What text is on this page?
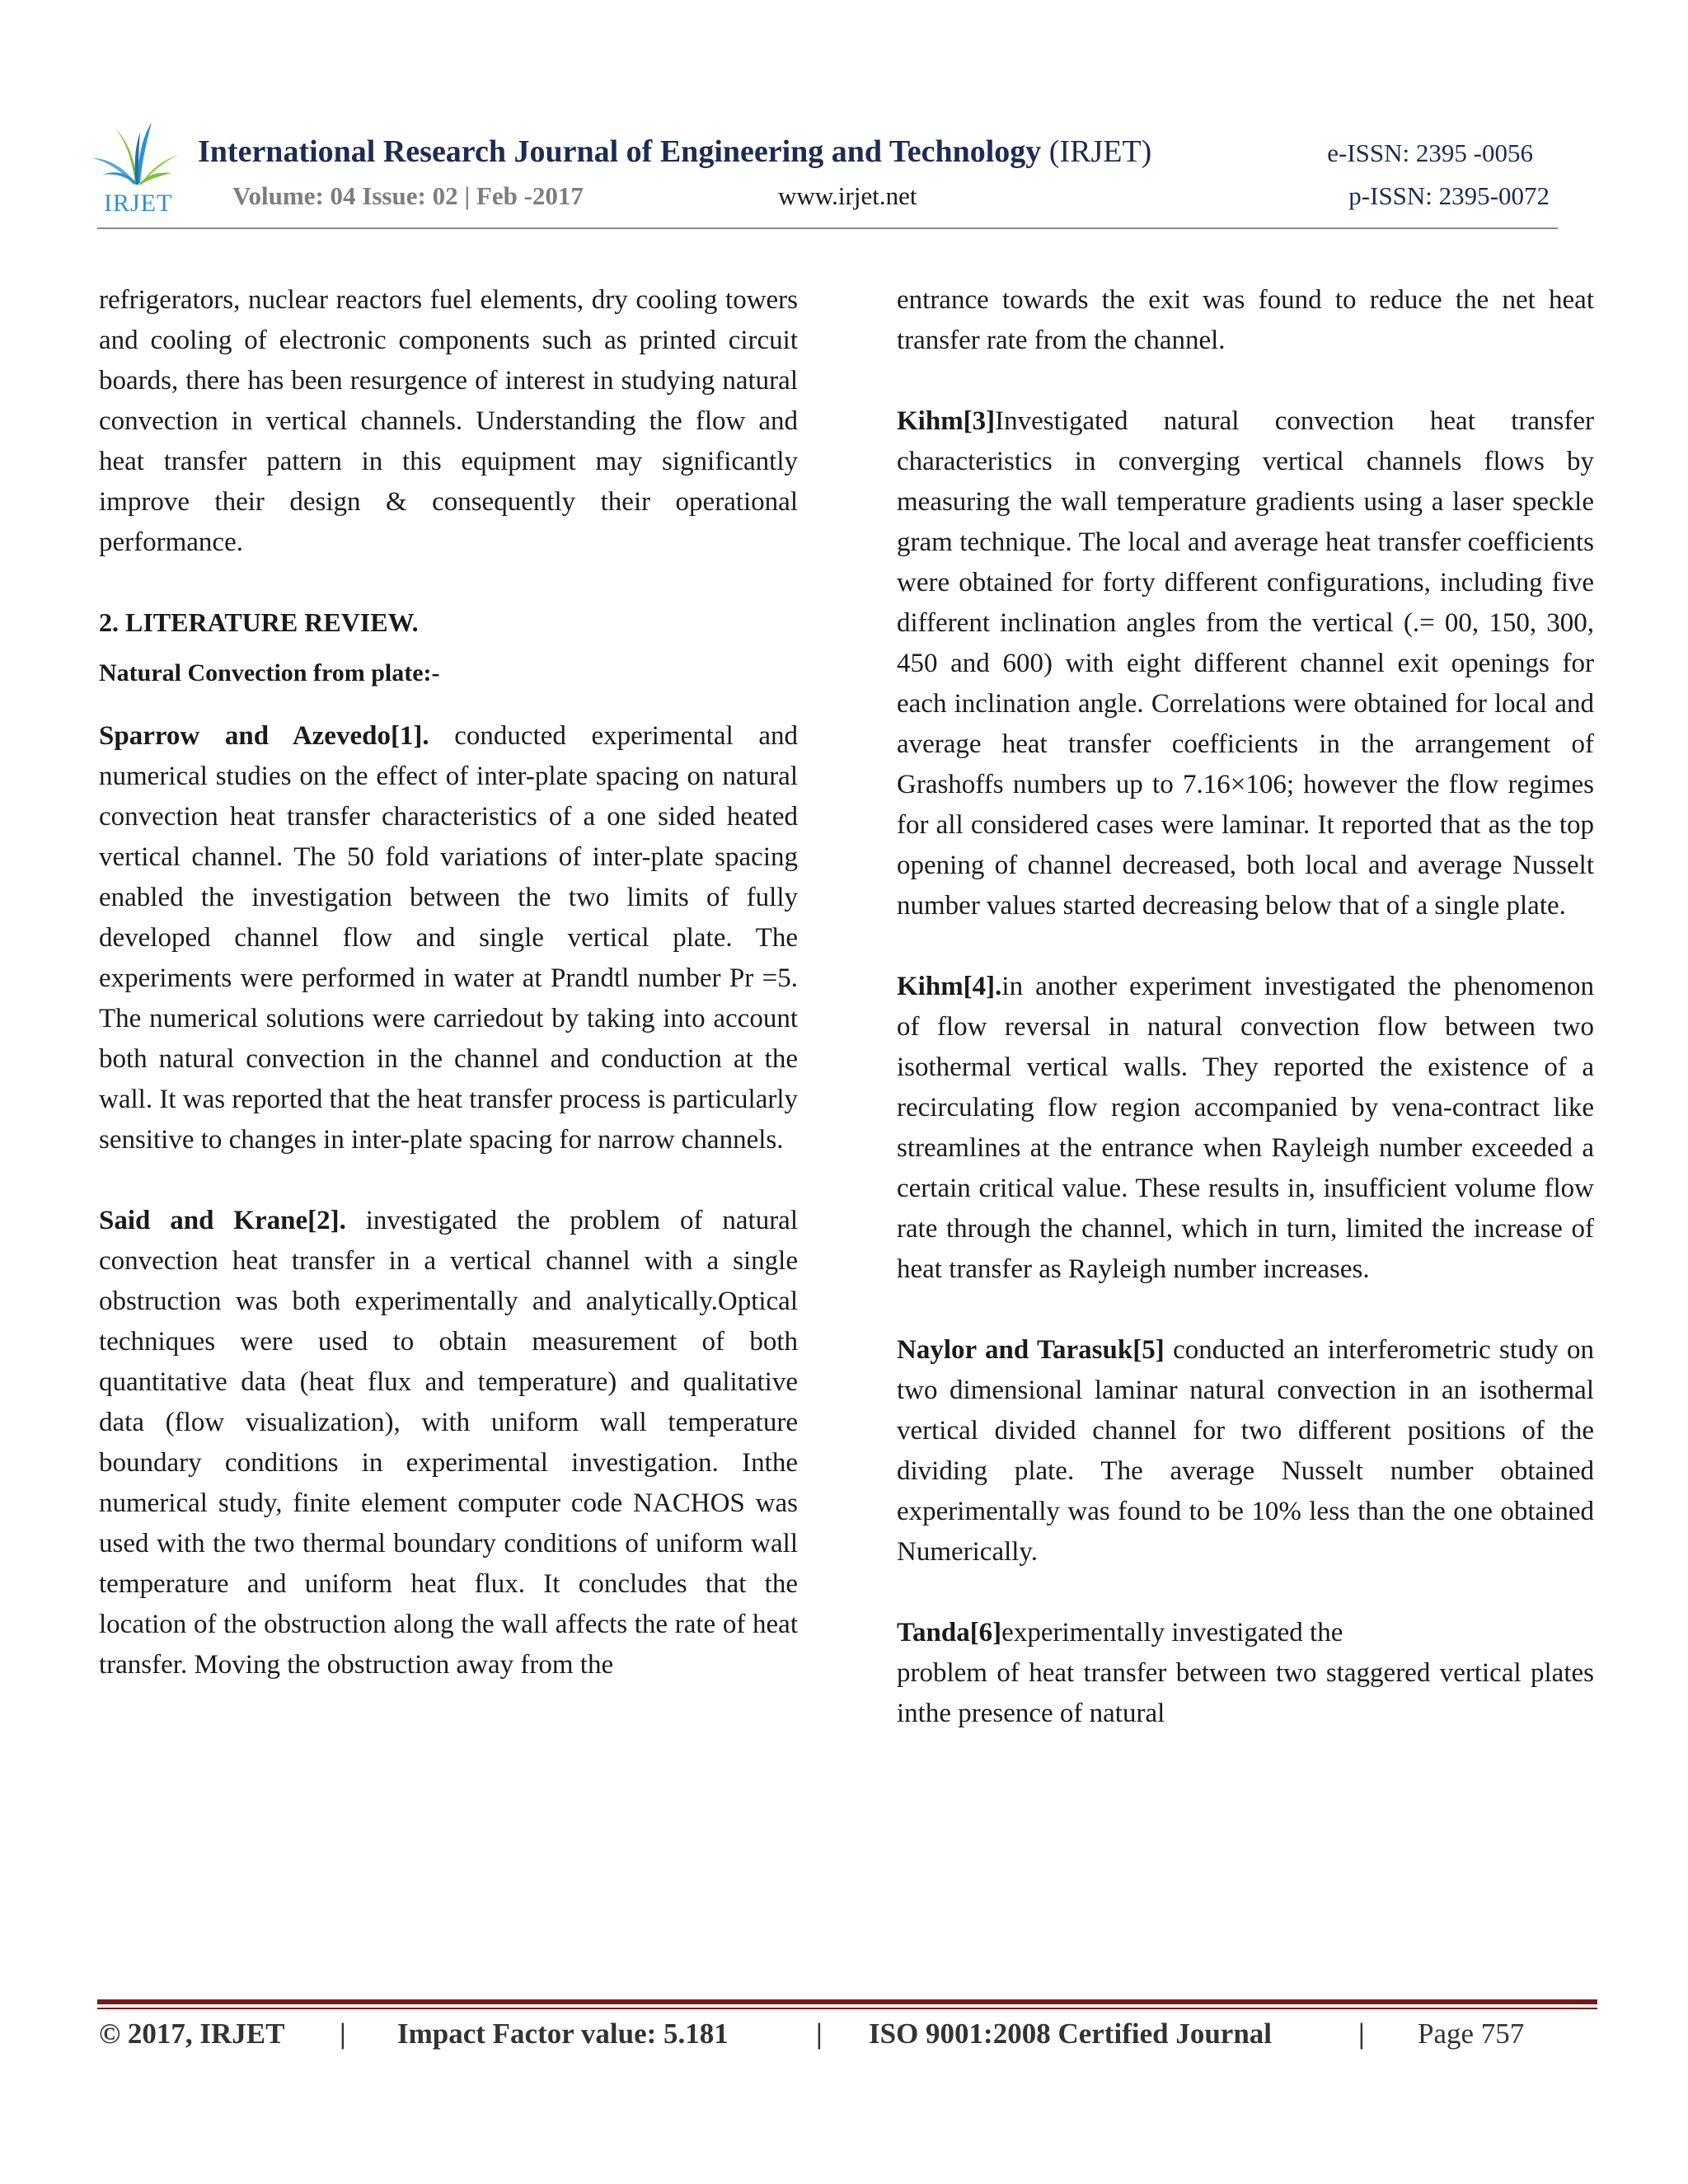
IRJET
International Research Journal of Engineering and Technology (IRJET)	e-ISSN: 2395 -0056
Volume: 04 Issue: 02 | Feb -2017	www.irjet.net	p-ISSN: 2395-0072

refrigerators, nuclear reactors fuel elements, dry cooling towers and cooling of electronic components such as printed circuit boards, there has been resurgence of interest in studying natural convection in vertical channels. Understanding the flow and heat transfer pattern in this equipment may significantly improve their design & consequently their operational performance.

2. LITERATURE REVIEW.
Natural Convection from plate:-

Sparrow and Azevedo[1]. conducted experimental and numerical studies on the effect of inter-plate spacing on natural convection heat transfer characteristics of a one sided heated vertical channel. The 50 fold variations of inter-plate spacing enabled the investigation between the two limits of fully developed channel flow and single vertical plate. The experiments were performed in water at Prandtl number Pr =5. The numerical solutions were carriedout by taking into account both natural convection in the channel and conduction at the wall. It was reported that the heat transfer process is particularly sensitive to changes in inter-plate spacing for narrow channels.

Said and Krane[2]. investigated the problem of natural convection heat transfer in a vertical channel with a single obstruction was both experimentally and analytically.Optical techniques were used to obtain measurement of both quantitative data (heat flux and temperature) and qualitative data (flow visualization), with uniform wall temperature boundary conditions in experimental investigation. Inthe numerical study, finite element computer code NACHOS was used with the two thermal boundary conditions of uniform wall temperature and uniform heat flux. It concludes that the location of the obstruction along the wall affects the rate of heat transfer. Moving the obstruction away from the

entrance towards the exit was found to reduce the net heat transfer rate from the channel.

Kihm[3]Investigated natural convection heat transfer characteristics in converging vertical channels flows by measuring the wall temperature gradients using a laser speckle gram technique. The local and average heat transfer coefficients were obtained for forty different configurations, including five different inclination angles from the vertical (.= 00, 150, 300, 450 and 600) with eight different channel exit openings for each inclination angle. Correlations were obtained for local and average heat transfer coefficients in the arrangement of Grashoffs numbers up to 7.16×106; however the flow regimes for all considered cases were laminar. It reported that as the top opening of channel decreased, both local and average Nusselt number values started decreasing below that of a single plate.

Kihm[4].in another experiment investigated the phenomenon of flow reversal in natural convection flow between two isothermal vertical walls. They reported the existence of a recirculating flow region accompanied by vena-contract like streamlines at the entrance when Rayleigh number exceeded a certain critical value. These results in, insufficient volume flow rate through the channel, which in turn, limited the increase of heat transfer as Rayleigh number increases.

Naylor and Tarasuk[5] conducted an interferometric study on two dimensional laminar natural convection in an isothermal vertical divided channel for two different positions of the dividing plate. The average Nusselt number obtained experimentally was found to be 10% less than the one obtained Numerically.

Tanda[6]experimentally investigated the

problem of heat transfer between two staggered vertical plates inthe presence of natural

© 2017, IRJET | Impact Factor value: 5.181	| ISO 9001:2008 Certified Journal	| Page 757
